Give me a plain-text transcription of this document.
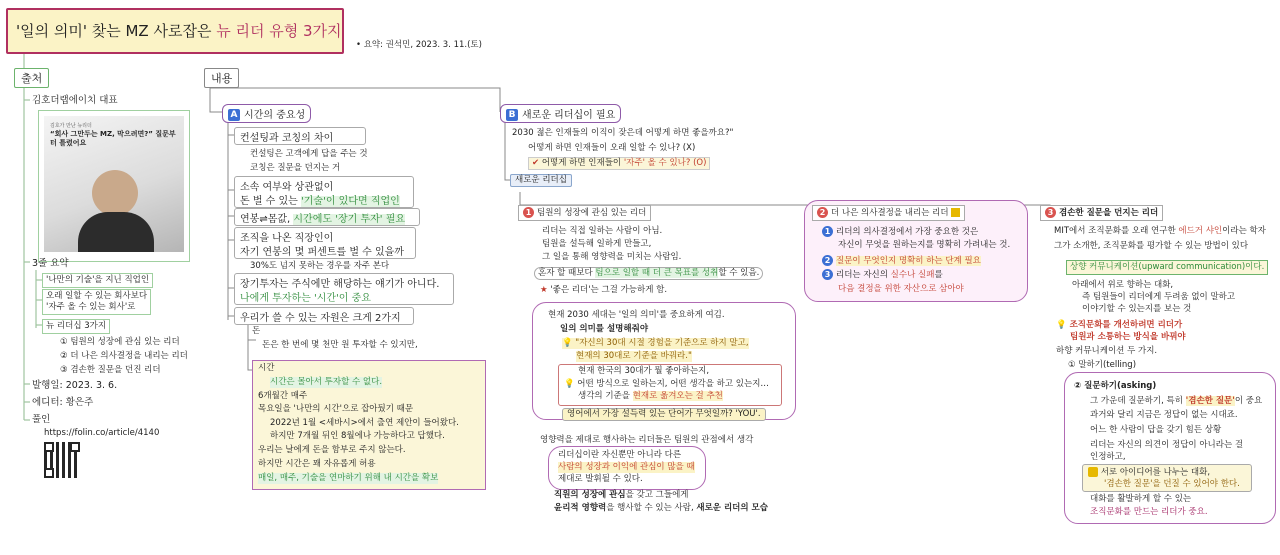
'일의 의미' 찾는 MZ 사로잡은 뉴 리더 유형 3가지
• 요약: 권석민, 2023. 3. 11.(토)
출처
김호더랩에이치 대표
김호가 만난 뉴리더
“회사 그만두는 MZ, 막으려면?” 질문부터 틀렸어요
3줄 요약
'나만의 기술'을 지닌 직업인
오래 일할 수 있는 회사보다
'자주 올 수 있는 회사'로
뉴 리더십 3가지
① 팀원의 성장에 관심 있는 리더
② 더 나은 의사결정을 내리는 리더
③ 겸손한 질문을 던진 리더
발행일: 2023. 3. 6.
에디터: 황은주
풀인
https://folin.co/article/4140
내용
A 시간의 중요성
컨설팅과 코칭의 차이
컨설팅은 고객에게 답을 주는 것
코칭은 질문을 던지는 거
소속 여부와 상관없이
돈 벌 수 있는 '기술'이 있다면 직업인
연봉⇌몸값, 시간에도 '장기 투자' 필요
조직을 나온 직장인이
자기 연봉의 몇 퍼센트를 벌 수 있을까
30%도 넘지 못하는 경우를 자주 본다
장기투자는 주식에만 해당하는 얘기가 아니다.
나에게 투자하는 '시간'이 중요
우리가 쓸 수 있는 자원은 크게 2가지
돈
돈은 한 번에 몇 천만 원 투자할 수 있지만,
시간
시간은 몰아서 투자할 수 없다.
6개월간 매주
목요일을 '나만의 시간'으로 잡아뒀기 때문
2022년 1월 <세바시>에서 출연 제안이 들어왔다.
하지만 7개월 뒤인 8월에나 가능하다고 답했다.
우리는 날에게 돈을 함부로 주지 않는다.
하지만 시간은 꽤 자유롭게 허용
매일, 매주, 기술을 연마하기 위해 내 시간을 확보
B 새로운 리더십이 필요
2030 젊은 인재들의 이직이 잦은데 어떻게 하면 좋을까요?"
어떻게 하면 인재들이 오래 일할 수 있나? (X)
✔ 어떻게 하면 인재들이 '자주' 올 수 있나? (O)
새로운 리더십
1 팀원의 성장에 관심 있는 리더
리더는 직접 일하는 사람이 아님.
팀원을 설득해 일하게 만들고,
그 일을 통해 영향력을 미치는 사람임.
혼자 할 때보다 팀으로 일할 때 더 큰 목표를 성취할 수 있음.
★ '좋은 리더'는 그걸 가능하게 함.
현재 2030 세대는 '일의 의미'를 중요하게 여김.
일의 의미를 설명해줘야
💡 "자신의 30대 시절 경험을 기준으로 하지 말고,
현재의 30대로 기준을 바꿔라."
현재 한국의 30대가 뭘 좋아하는지,
💡 어떤 방식으로 일하는지, 어떤 생각을 하고 있는지…
생각의 기준을 현재로 옮겨오는 걸 추천
영어에서 가장 설득력 있는 단어가 무엇일까? 'YOU'.
영향력을 제대로 행사하는 리더들은 팀원의 관점에서 생각
리더십이란 자신뿐만 아니라 다른
사람의 성장과 이익에 관심이 많을 때
제대로 발휘될 수 있다.
직원의 성장에 관심을 갖고 그들에게
윤리적 영향력을 행사할 수 있는 사람, 새로운 리더의 모습
2 더 나은 의사결정을 내리는 리더
1 리더의 의사결정에서 가장 중요한 것은
자신이 무엇을 원하는지를 명확히 가려내는 것.
2 질문이 무엇인지 명확히 하는 단계 필요
3 리더는 자신의 실수나 실패를
다음 결정을 위한 자산으로 삼아야
3 겸손한 질문을 던지는 리더
MIT에서 조직문화를 오래 연구한 에드거 샤인이라는 학자
그가 소개한, 조직문화를 평가할 수 있는 방법이 있다
상향 커뮤니케이션(upward communication)이다.
아래에서 위로 향하는 대화,
즉 팀원들이 리더에게 두려움 없이 말하고
이야기할 수 있는지를 보는 것
💡 조직문화를 개선하려면 리더가
팀원과 소통하는 방식을 바꿔야
하향 커뮤니케이션 두 가지.
① 말하기(telling)
② 질문하기(asking)
그 가운데 질문하기, 특히 '겸손한 질문'이 중요
과거와 달리 지금은 정답이 없는 시대죠.
어느 한 사람이 답을 갖기 힘든 상황
리더는 자신의 의견이 정답이 아니라는 걸
인정하고,
서로 아이디어를 나누는 대화,
'겸손한 질문'을 던질 수 있어야 한다.
대화를 활발하게 할 수 있는
조직문화를 만드는 리더가 중요.
